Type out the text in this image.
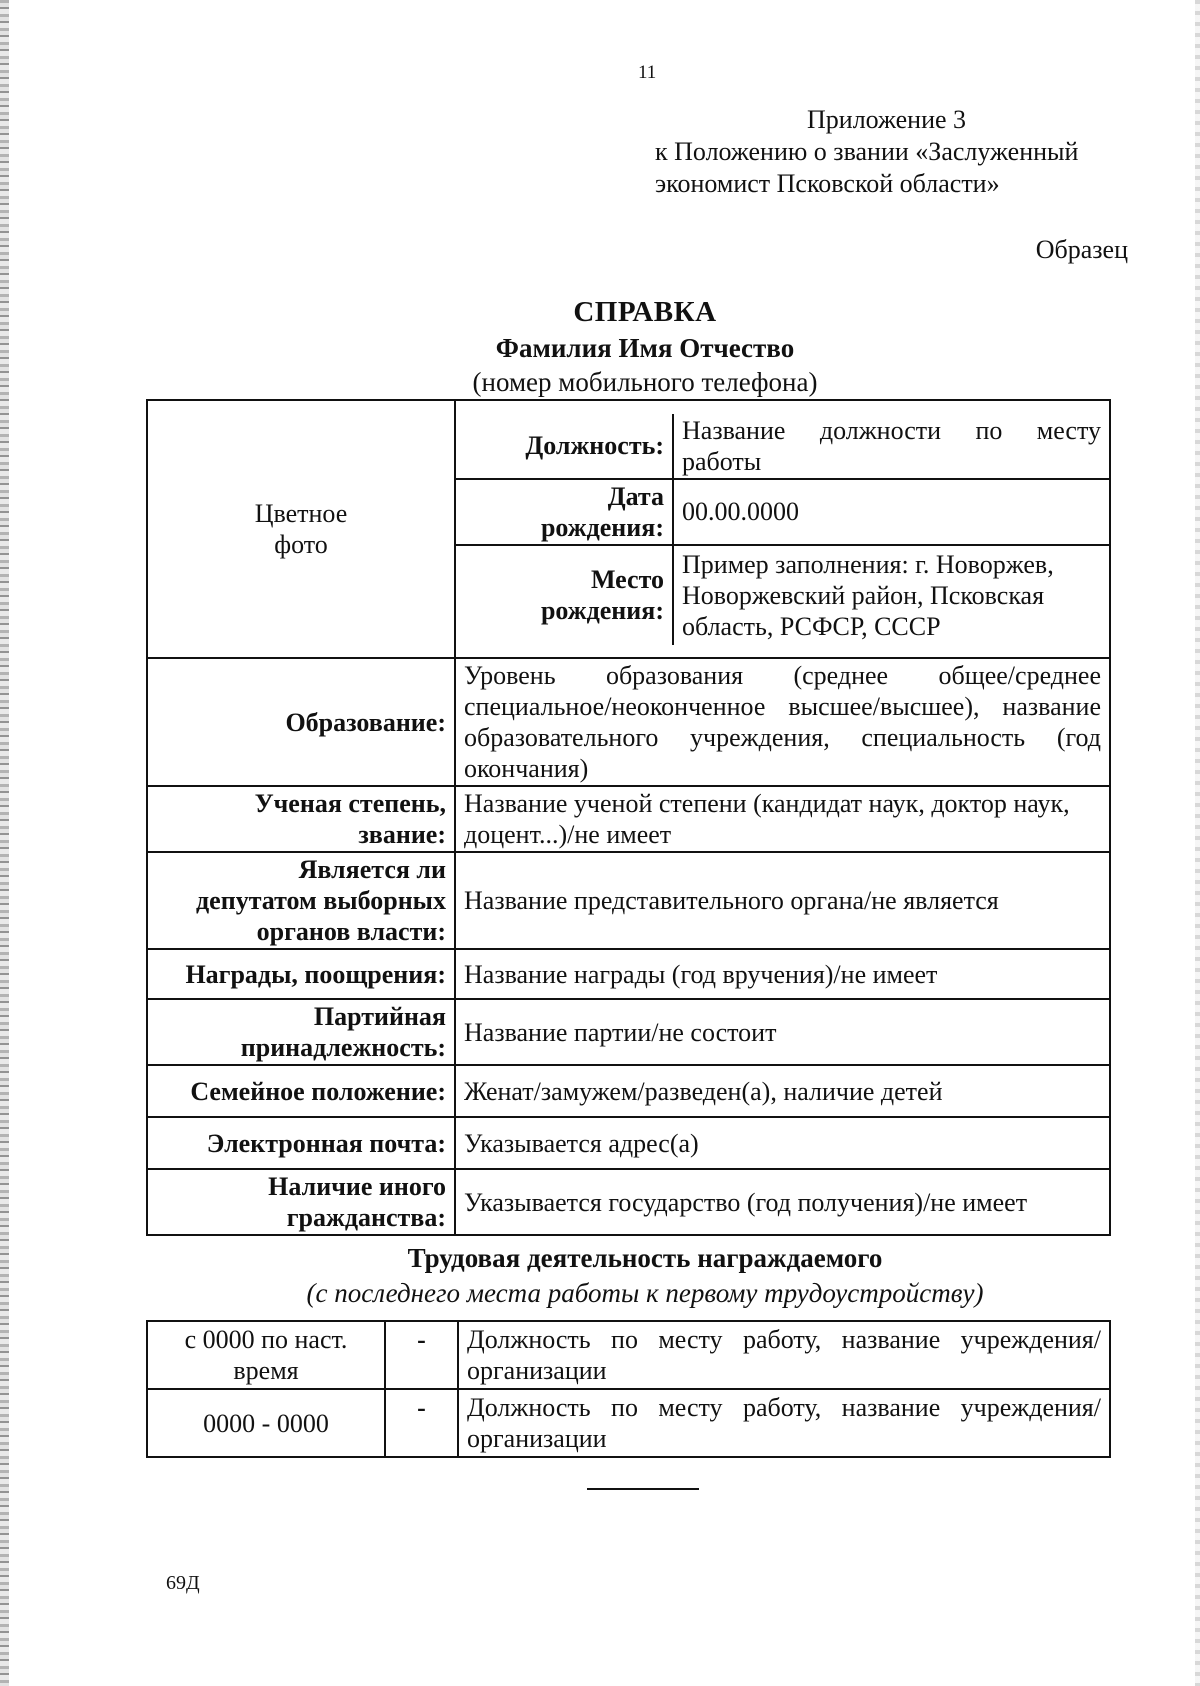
11
Приложение 3
к Положению о звании «Заслуженный
экономист Псковской области»
Образец
СПРАВКА
Фамилия Имя Отчество
(номер мобильного телефона)
Цветное
фото

Должность:	Название должности по месту работы

Дата
рождения:
	00.00.0000

Место
рождения:
	Пример заполнения: г. Новоржев, Новоржевский район, Псковская область, РСФСР, СССР

Образование:	Уровень образования (среднее общее/среднее специальное/неоконченное высшее/высшее), название образовательного учреждения, специальность (год окончания)

Ученая степень,
звание:
	Название ученой степени (кандидат наук, доктор наук, доцент...)/не имеет

Является ли
депутатом выборных
органов власти:
	Название представительного органа/не является
Награды, поощрения:	Название награды (год вручения)/не имеет

Партийная
принадлежность:
	Название партии/не состоит
Семейное положение:	Женат/замужем/разведен(а), наличие детей
Электронная почта:	Указывается адрес(а)

Наличие иного
гражданства:
	Указывается государство (год получения)/не имеет
Трудовая деятельность награждаемого
(с последнего места работы к первому трудоустройству)
с 0000 по наст. время	-	Должность по месту работу, название учреждения/организации
0000 - 0000	-	Должность по месту работу, название учреждения/организации
69Д
